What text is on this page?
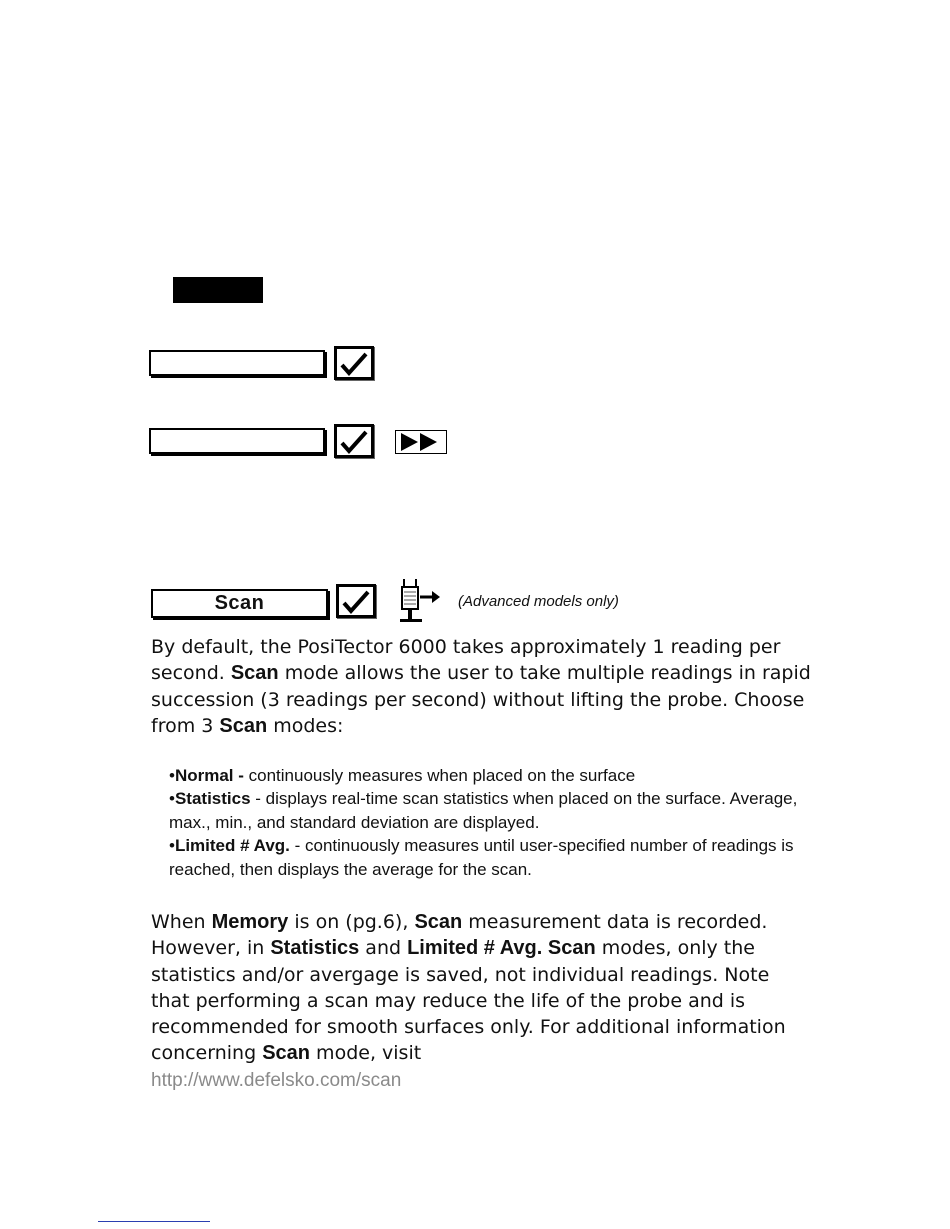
Scan	(Advanced models only)

By default, the PosiTector 6000 takes approximately 1 reading per second. Scan mode allows the user to take multiple readings in rapid succession (3 readings per second) without lifting the probe. Choose from 3 Scan modes:

•Normal - continuously measures when placed on the surface
•Statistics - displays real-time scan statistics when placed on the surface. Average, max., min., and standard deviation are displayed.
•Limited # Avg. - continuously measures until user-specified number of readings is reached, then displays the average for the scan.

When Memory is on (pg.6), Scan measurement data is recorded. However, in Statistics and Limited # Avg. Scan modes, only the statistics and/or avergage is saved, not individual readings. Note that performing a scan may reduce the life of the probe and is recommended for smooth surfaces only. For additional information concerning Scan mode, visit
http://www.defelsko.com/scan
